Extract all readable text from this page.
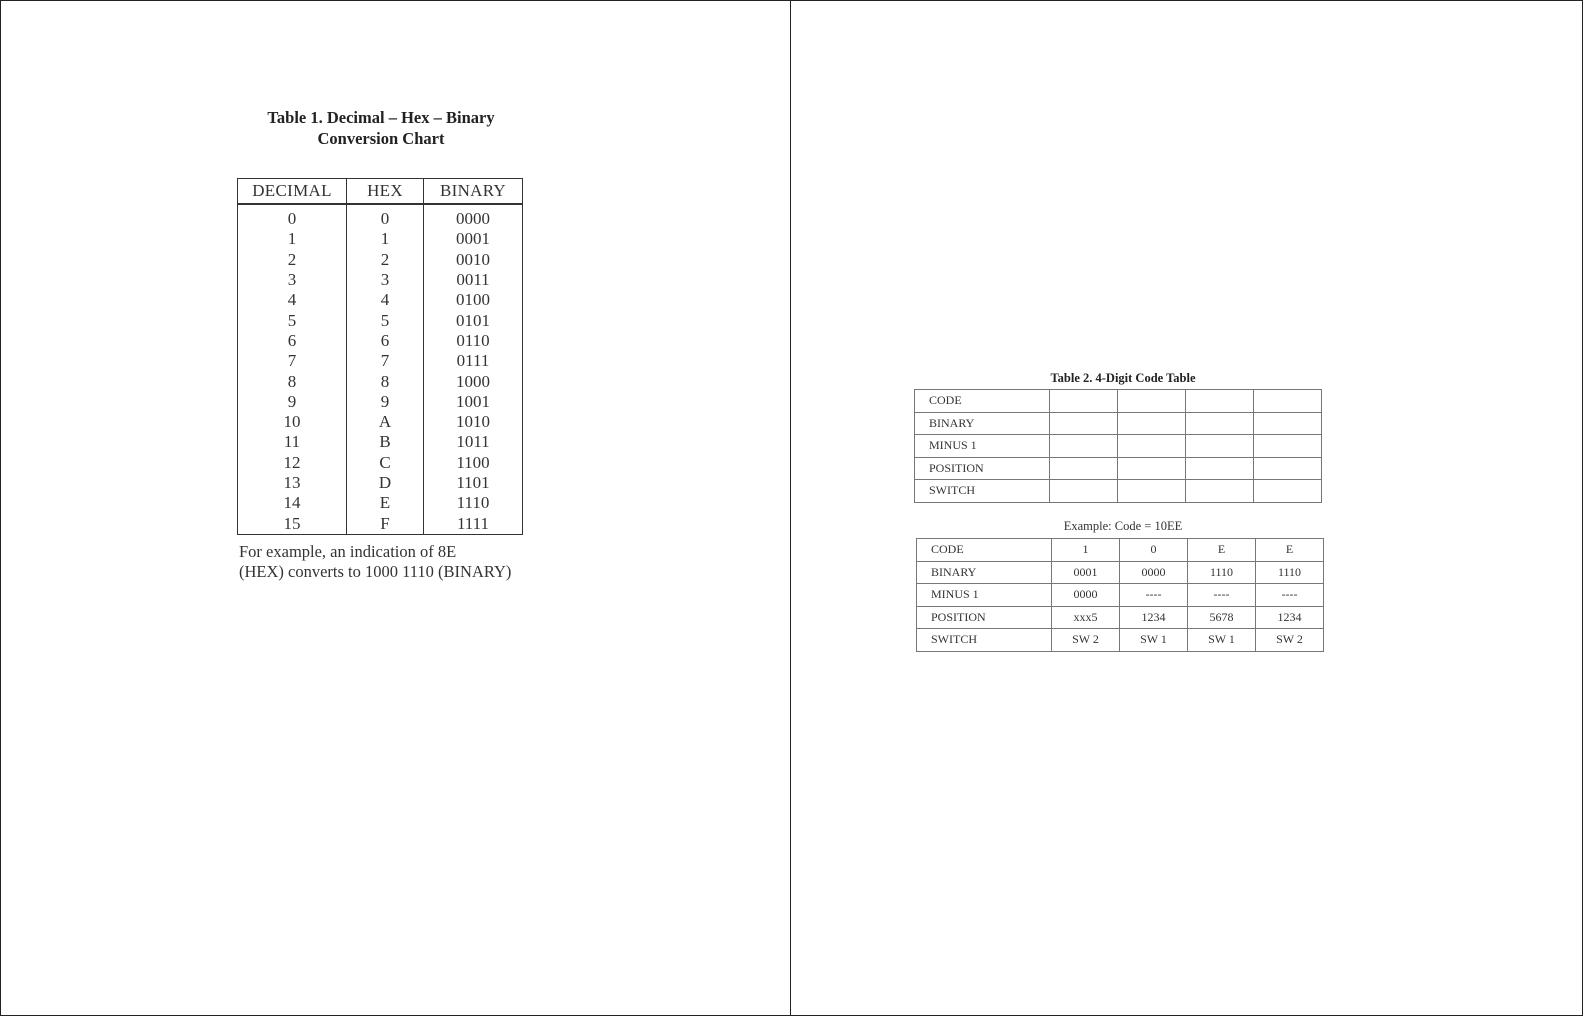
Table 1. Decimal – Hex – Binary
Conversion Chart
DECIMAL	HEX	BINARY
0	0	0000
1	1	0001
2	2	0010
3	3	0011
4	4	0100
5	5	0101
6	6	0110
7	7	0111
8	8	1000
9	9	1001
10	A	1010
11	B	1011
12	C	1100
13	D	1101
14	E	1110
15	F	1111
For example, an indication of 8E
(HEX) converts to 1000 1110 (BINARY)
Table 2. 4-Digit Code Table
CODE				
BINARY				
MINUS 1				
POSITION				
SWITCH				
Example: Code = 10EE
CODE	1	0	E	E
BINARY	0001	0000	1110	1110
MINUS 1	0000	----	----	----
POSITION	xxx5	1234	5678	1234
SWITCH	SW 2	SW 1	SW 1	SW 2
